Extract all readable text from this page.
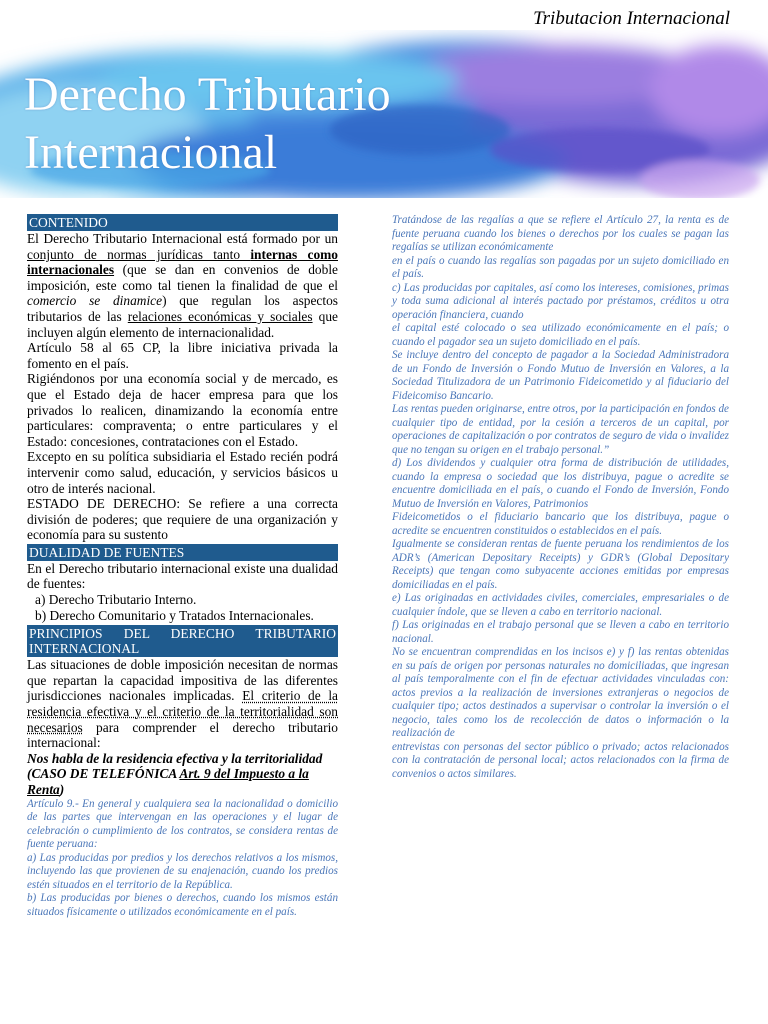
Tributacion Internacional
Derecho Tributario
Internacional
CONTENIDO

El Derecho Tributario Internacional está formado por un conjunto de normas jurídicas tanto internas como internacionales (que se dan en convenios de doble imposición, este como tal tienen la finalidad de que el comercio se dinamice) que regulan los aspectos tributarios de las relaciones económicas y sociales que incluyen algún elemento de internacionalidad.

Artículo 58 al 65 CP, la libre iniciativa privada la fomento en el país.

Rigiéndonos por una economía social y de mercado, es que el Estado deja de hacer empresa para que los privados lo realicen, dinamizando la economía entre particulares: compraventa; o entre particulares y el Estado: concesiones, contrataciones con el Estado.

Excepto en su política subsidiaria el Estado recién podrá intervenir como salud, educación, y servicios básicos u otro de interés nacional.

ESTADO DE DERECHO: Se refiere a una correcta división de poderes; que requiere de una organización y economía para su sustento

DUALIDAD DE FUENTES

En el Derecho tributario internacional existe una dualidad de fuentes:

a) Derecho Tributario Interno.

b) Derecho Comunitario y Tratados Internacionales.

PRINCIPIOS DEL DERECHO TRIBUTARIO INTERNACIONAL

Las situaciones de doble imposición necesitan de normas que repartan la capacidad impositiva de las diferentes jurisdicciones nacionales implicadas. El criterio de la residencia efectiva y el criterio de la territorialidad son necesarios para comprender el derecho tributario internacional:

Nos habla de la residencia efectiva y la territorialidad (CASO DE TELEFÓNICA Art. 9 del Impuesto a la Renta)

Artículo 9.- En general y cualquiera sea la nacionalidad o domicilio de las partes que intervengan en las operaciones y el lugar de celebración o cumplimiento de los contratos, se considera rentas de fuente peruana:

a) Las producidas por predios y los derechos relativos a los mismos, incluyendo las que provienen de su enajenación, cuando los predios estén situados en el territorio de la República.

b) Las producidas por bienes o derechos, cuando los mismos están situados físicamente o utilizados económicamente en el país.

Tratándose de las regalías a que se refiere el Artículo 27, la renta es de fuente peruana cuando los bienes o derechos por los cuales se pagan las regalías se utilizan económicamente

en el país o cuando las regalías son pagadas por un sujeto domiciliado en el país.

c) Las producidas por capitales, así como los intereses, comisiones, primas y toda suma adicional al interés pactado por préstamos, créditos u otra operación financiera, cuando

el capital esté colocado o sea utilizado económicamente en el país; o cuando el pagador sea un sujeto domiciliado en el país.

Se incluye dentro del concepto de pagador a la Sociedad Administradora de un Fondo de Inversión o Fondo Mutuo de Inversión en Valores, a la Sociedad Titulizadora de un Patrimonio Fideicometido y al fiduciario del Fideicomiso Bancario.

Las rentas pueden originarse, entre otros, por la participación en fondos de cualquier tipo de entidad, por la cesión a terceros de un capital, por operaciones de capitalización o por contratos de seguro de vida o invalidez que no tengan su origen en el trabajo personal.”

d) Los dividendos y cualquier otra forma de distribución de utilidades, cuando la empresa o sociedad que los distribuya, pague o acredite se encuentre domiciliada en el país, o cuando el Fondo de Inversión, Fondo Mutuo de Inversión en Valores, Patrimonios

Fideicometidos o el fiduciario bancario que los distribuya, pague o acredite se encuentren constituidos o establecidos en el país.

Igualmente se consideran rentas de fuente peruana los rendimientos de los ADR’s (American Depositary Receipts) y GDR’s (Global Depositary Receipts) que tengan como subyacente acciones emitidas por empresas domiciliadas en el país.

e) Las originadas en actividades civiles, comerciales, empresariales o de cualquier índole, que se lleven a cabo en territorio nacional.

f) Las originadas en el trabajo personal que se lleven a cabo en territorio nacional.

No se encuentran comprendidas en los incisos e) y f) las rentas obtenidas en su país de origen por personas naturales no domiciliadas, que ingresan al país temporalmente con el fin de efectuar actividades vinculadas con: actos previos a la realización de inversiones extranjeras o negocios de cualquier tipo; actos destinados a supervisar o controlar la inversión o el negocio, tales como los de recolección de datos o información o la realización de

entrevistas con personas del sector público o privado; actos relacionados con la contratación de personal local; actos relacionados con la firma de convenios o actos similares.
